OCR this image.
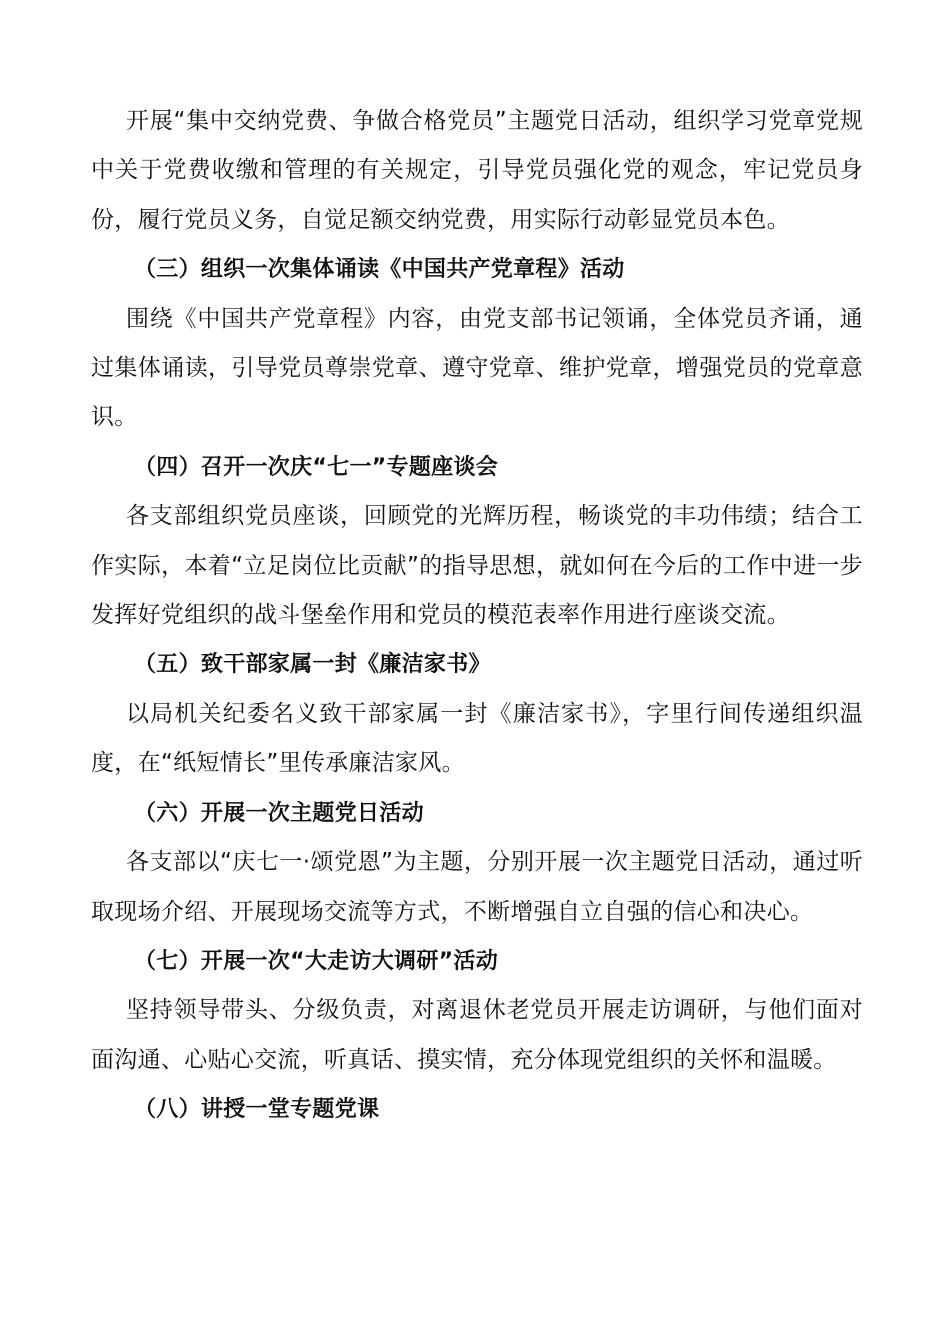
开展“集中交纳党费、争做合格党员”主题党日活动，组织学习党章党规中关于党费收缴和管理的有关规定，引导党员强化党的观念，牢记党员身份，履行党员义务，自觉足额交纳党费，用实际行动彰显党员本色。

（三）组织一次集体诵读《中国共产党章程》活动

围绕《中国共产党章程》内容，由党支部书记领诵，全体党员齐诵，通过集体诵读，引导党员尊崇党章、遵守党章、维护党章，增强党员的党章意识。

（四）召开一次庆“七一”专题座谈会

各支部组织党员座谈，回顾党的光辉历程，畅谈党的丰功伟绩；结合工作实际，本着“立足岗位比贡献”的指导思想，就如何在今后的工作中进一步发挥好党组织的战斗堡垒作用和党员的模范表率作用进行座谈交流。

（五）致干部家属一封《廉洁家书》

以局机关纪委名义致干部家属一封《廉洁家书》，字里行间传递组织温度，在“纸短情长”里传承廉洁家风。

（六）开展一次主题党日活动

各支部以“庆七一·颂党恩”为主题，分别开展一次主题党日活动，通过听取现场介绍、开展现场交流等方式，不断增强自立自强的信心和决心。

（七）开展一次“大走访大调研”活动

坚持领导带头、分级负责，对离退休老党员开展走访调研，与他们面对面沟通、心贴心交流，听真话、摸实情，充分体现党组织的关怀和温暖。

（八）讲授一堂专题党课
